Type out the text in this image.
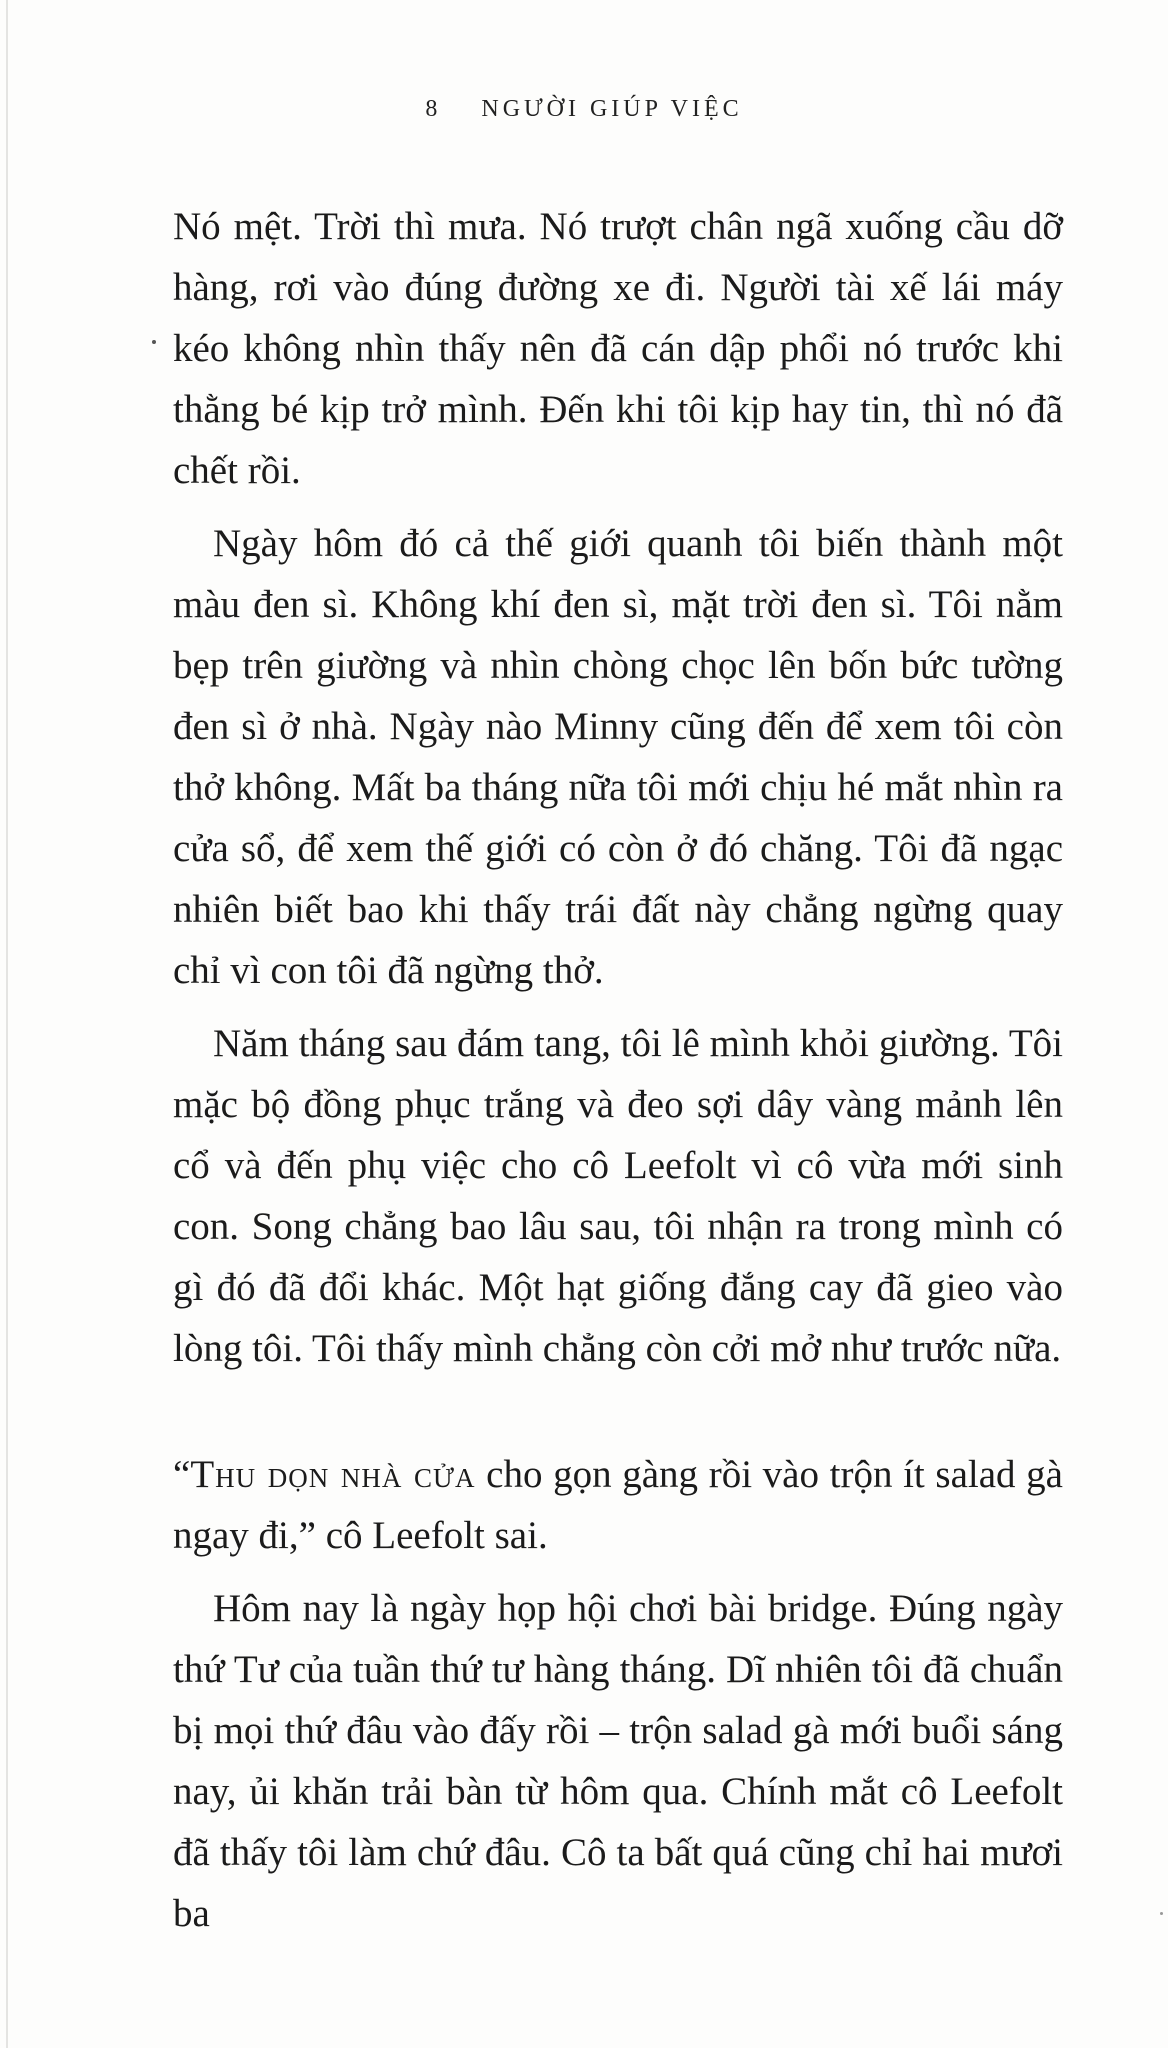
8 NGƯỜI GIÚP VIỆC

Nó mệt. Trời thì mưa. Nó trượt chân ngã xuống cầu dỡ hàng, rơi vào đúng đường xe đi. Người tài xế lái máy kéo không nhìn thấy nên đã cán dập phổi nó trước khi thằng bé kịp trở mình. Đến khi tôi kịp hay tin, thì nó đã chết rồi.

Ngày hôm đó cả thế giới quanh tôi biến thành một màu đen sì. Không khí đen sì, mặt trời đen sì. Tôi nằm bẹp trên giường và nhìn chòng chọc lên bốn bức tường đen sì ở nhà. Ngày nào Minny cũng đến để xem tôi còn thở không. Mất ba tháng nữa tôi mới chịu hé mắt nhìn ra cửa sổ, để xem thế giới có còn ở đó chăng. Tôi đã ngạc nhiên biết bao khi thấy trái đất này chẳng ngừng quay chỉ vì con tôi đã ngừng thở.

Năm tháng sau đám tang, tôi lê mình khỏi giường. Tôi mặc bộ đồng phục trắng và đeo sợi dây vàng mảnh lên cổ và đến phụ việc cho cô Leefolt vì cô vừa mới sinh con. Song chẳng bao lâu sau, tôi nhận ra trong mình có gì đó đã đổi khác. Một hạt giống đắng cay đã gieo vào lòng tôi. Tôi thấy mình chẳng còn cởi mở như trước nữa.

“Thu dọn nhà cửa cho gọn gàng rồi vào trộn ít salad gà ngay đi,” cô Leefolt sai.

Hôm nay là ngày họp hội chơi bài bridge. Đúng ngày thứ Tư của tuần thứ tư hàng tháng. Dĩ nhiên tôi đã chuẩn bị mọi thứ đâu vào đấy rồi – trộn salad gà mới buổi sáng nay, ủi khăn trải bàn từ hôm qua. Chính mắt cô Leefolt đã thấy tôi làm chứ đâu. Cô ta bất quá cũng chỉ hai mươi ba
